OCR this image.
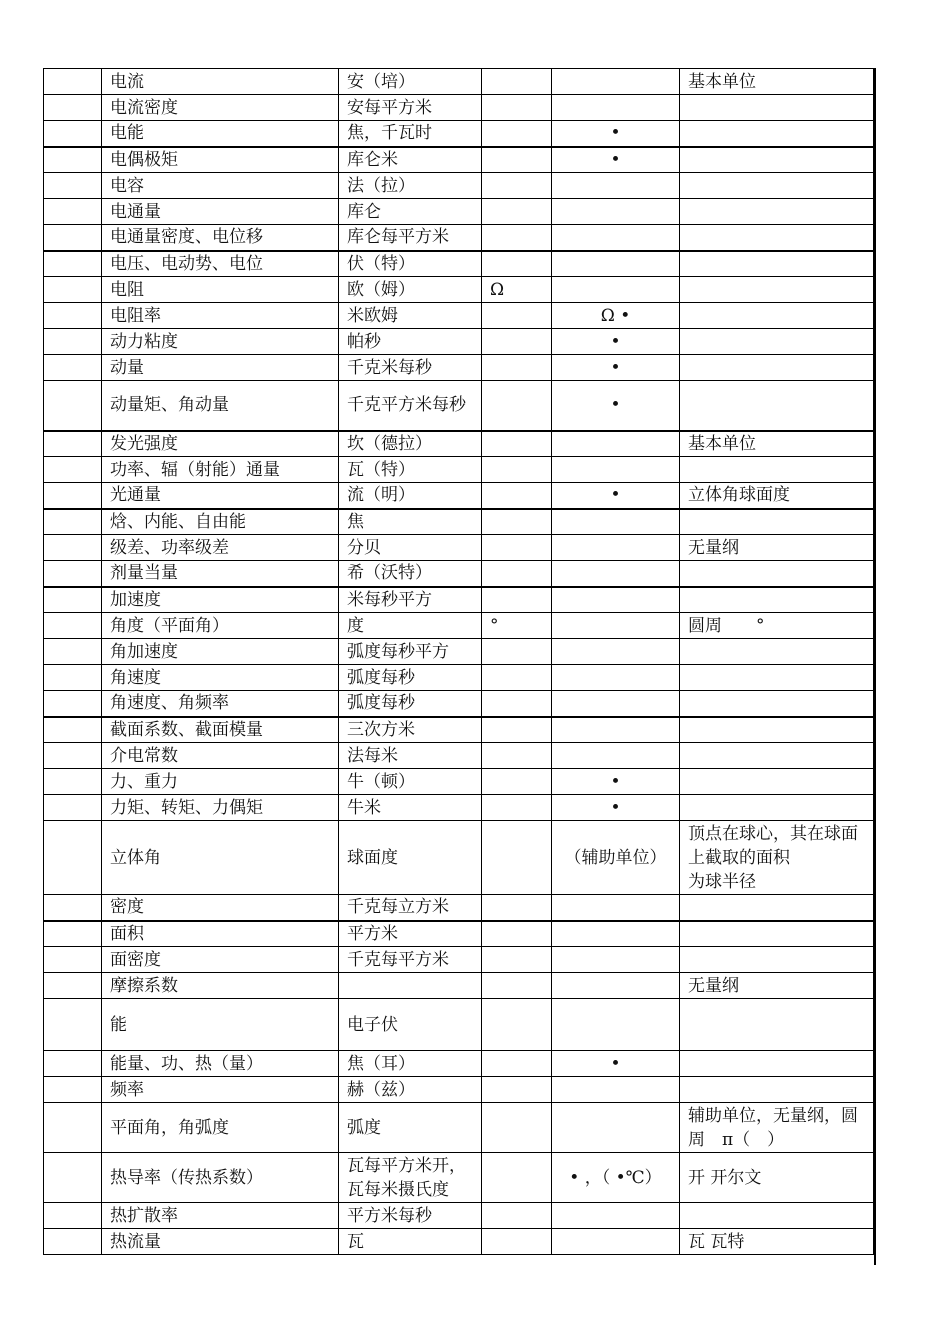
	电流	安（培）			基本单位
	电流密度	安每平方米			
	电能	焦，千瓦时		•	
	电偶极矩	库仑米		•	
	电容	法（拉）			
	电通量	库仑			
	电通量密度、电位移	库仑每平方米			
	电压、电动势、电位	伏（特）			
	电阻	欧（姆）	Ω		
	电阻率	米欧姆		Ω •	
	动力粘度	帕秒		•	
	动量	千克米每秒		•	
	动量矩、角动量	千克平方米每秒		•	
	发光强度	坎（德拉）			基本单位
	功率、辐（射能）通量	瓦（特）			
	光通量	流（明）		•	立体角球面度
	焓、内能、自由能	焦			
	级差、功率级差	分贝			无量纲
	剂量当量	希（沃特）			
	加速度	米每秒平方			
	角度（平面角）	度	°		圆周　　°
	角加速度	弧度每秒平方			
	角速度	弧度每秒			
	角速度、角频率	弧度每秒			
	截面系数、截面模量	三次方米			
	介电常数	法每米			
	力、重力	牛（顿）		•	
	力矩、转矩、力偶矩	牛米		•	
	立体角	球面度		（辅助单位）	顶点在球心，其在球面上截取的面积　　　　为球半径
	密度	千克每立方米			
	面积	平方米			
	面密度	千克每平方米			
	摩擦系数				无量纲
	能	电子伏			
	能量、功、热（量）	焦（耳）		•	
	频率	赫（兹）			
	平面角，角弧度	弧度			辅助单位，无量纲，圆周　π（　）
	热导率（传热系数）	瓦每平方米开，瓦每米摄氏度		• ，（ •℃）	开 开尔文
	热扩散率	平方米每秒			
	热流量	瓦			瓦 瓦特
